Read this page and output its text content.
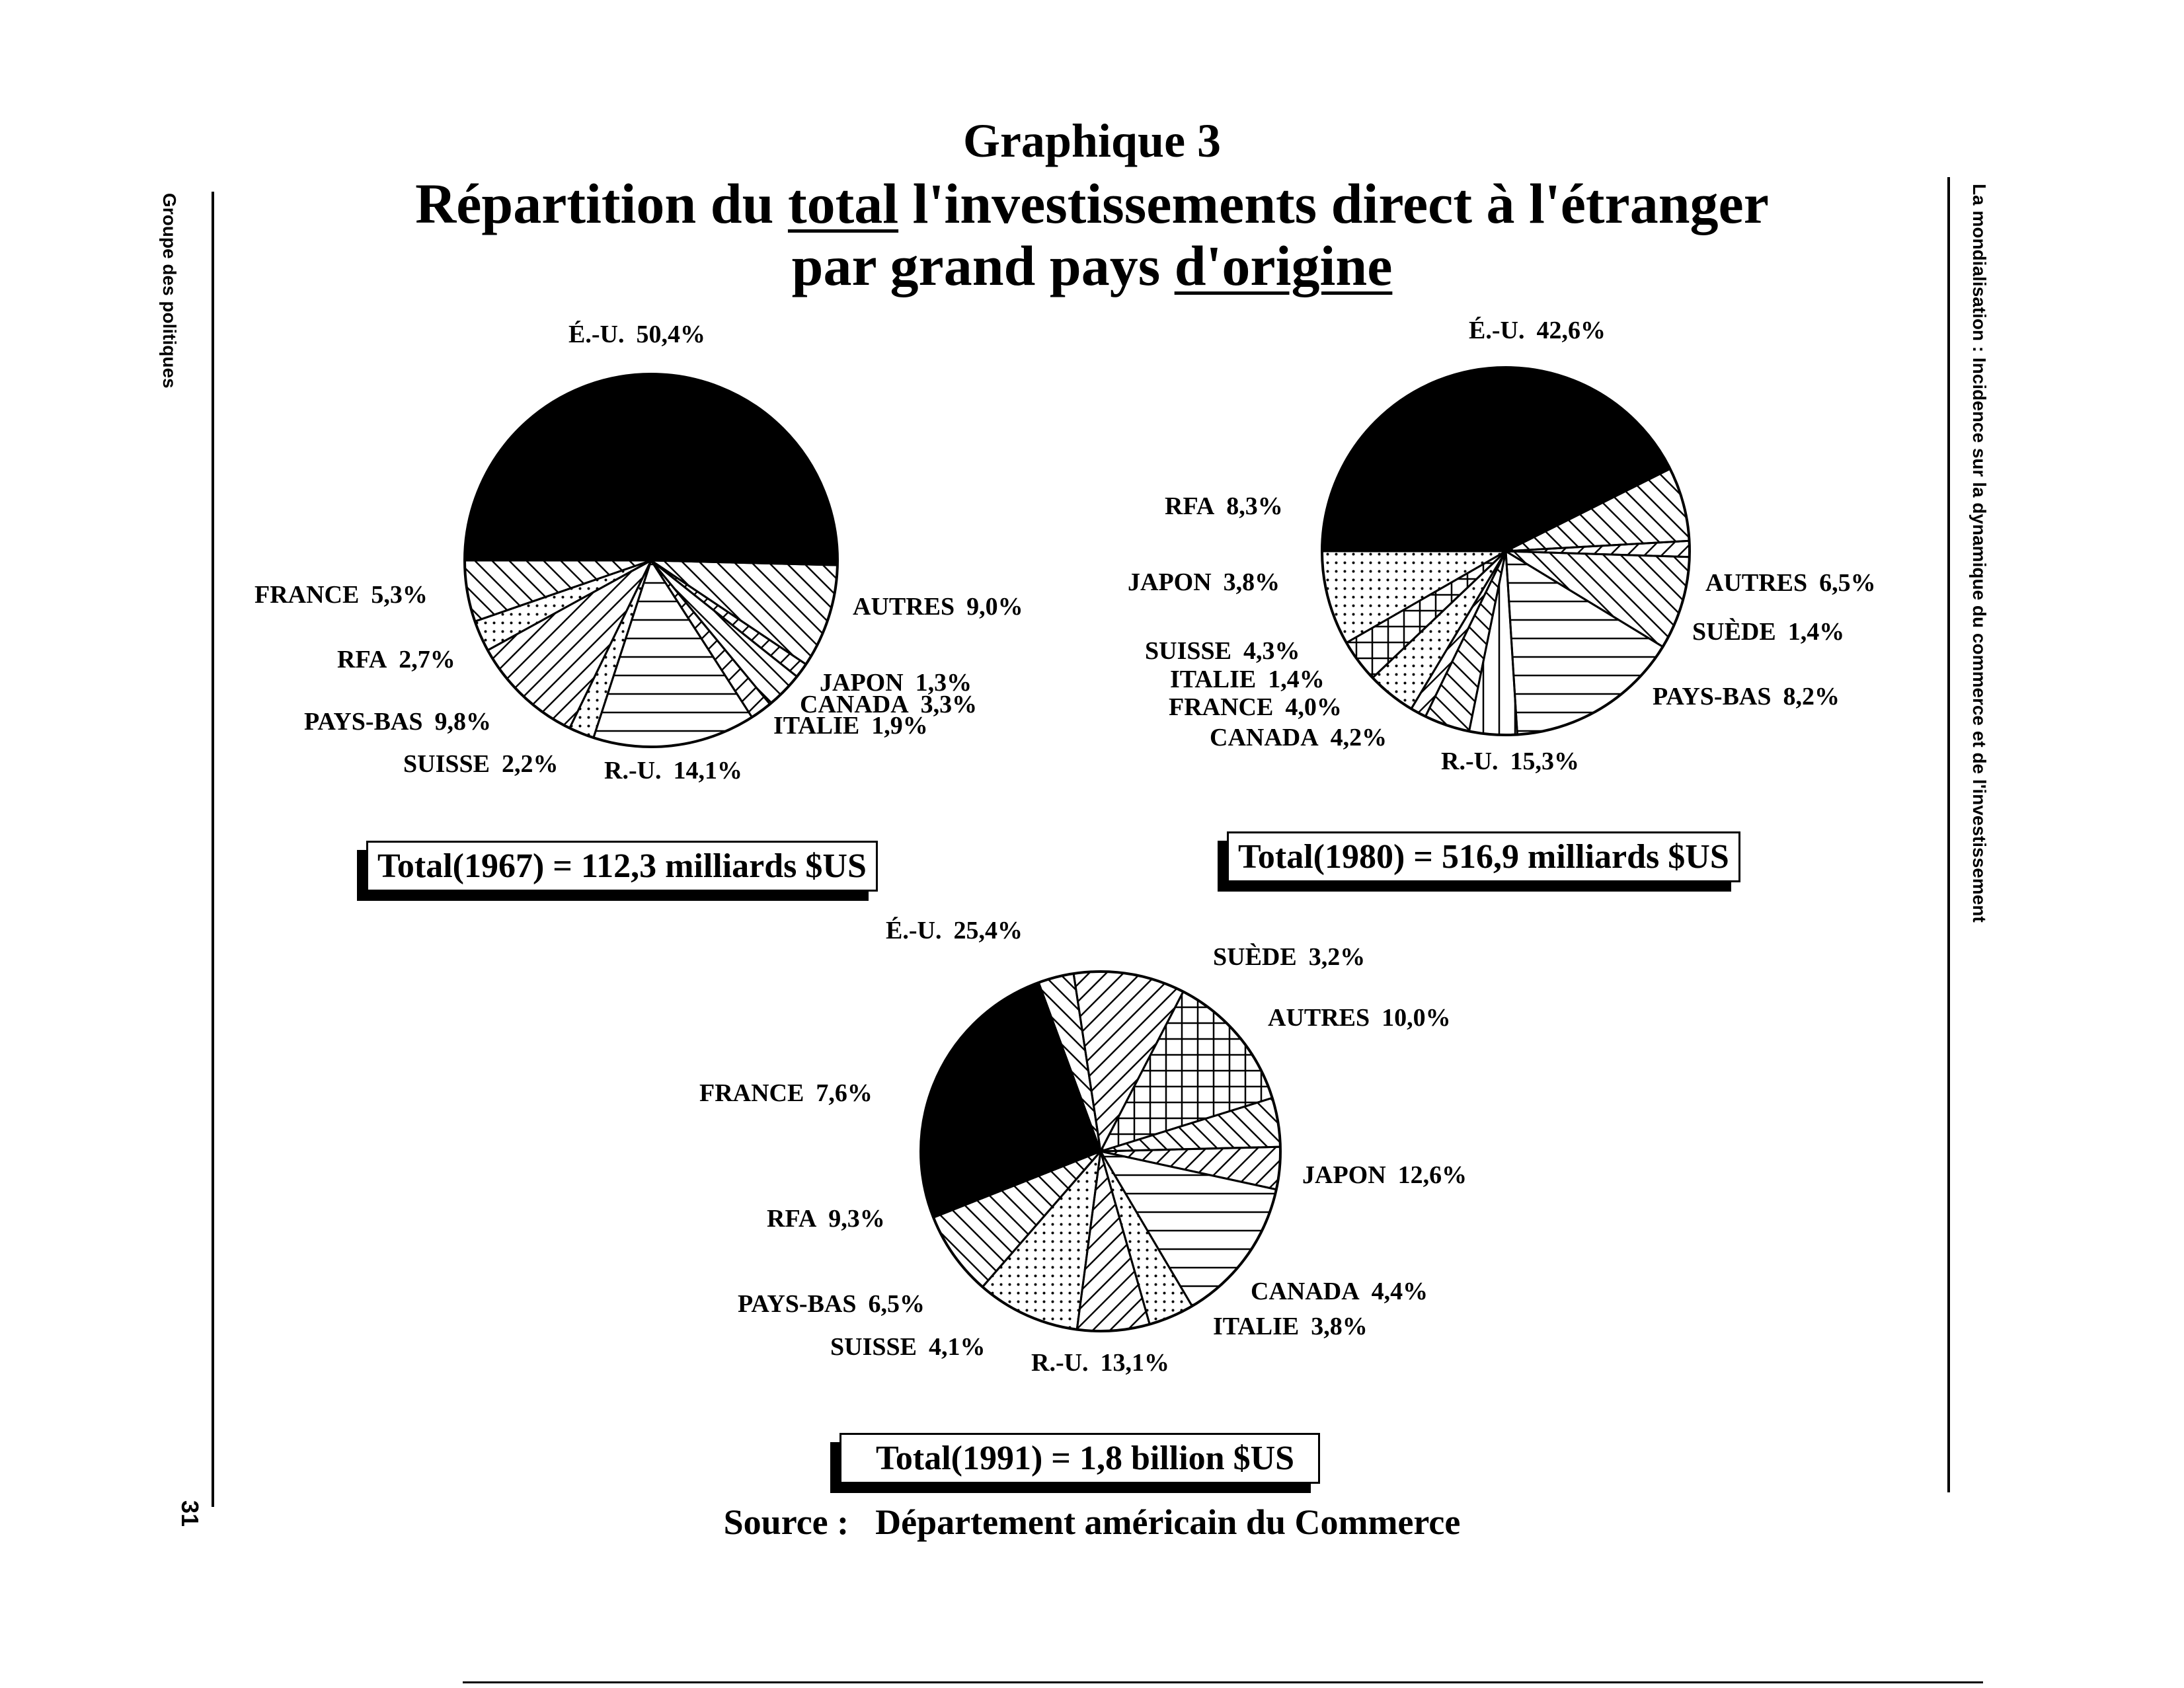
Graphique 3
Répartition du total l'investissements direct à l'étranger
par grand pays d'origine
Groupe des politiques	La mondialisation : Incidence sur la dynamique du commerce et de l'investissement
31
É.-U. 50,4%
AUTRES 9,0%
JAPON 1,3%
CANADA 3,3%
ITALIE 1,9%
R.-U. 14,1%
SUISSE 2,2%
PAYS-BAS 9,8%
RFA 2,7%
FRANCE 5,3%
É.-U. 42,6%
AUTRES 6,5%
SUÈDE 1,4%
PAYS-BAS 8,2%
R.-U. 15,3%
CANADA 4,2%
FRANCE 4,0%
ITALIE 1,4%
SUISSE 4,3%
JAPON 3,8%
RFA 8,3%
É.-U. 25,4%
SUÈDE 3,2%
AUTRES 10,0%
JAPON 12,6%
CANADA 4,4%
ITALIE 3,8%
R.-U. 13,1%
SUISSE 4,1%
PAYS-BAS 6,5%
RFA 9,3%
FRANCE 7,6%
Total(1967) = 112,3 milliards $US	Total(1980) = 516,9 milliards $US
Total(1991) = 1,8 billion $US
Source : Département américain du Commerce
